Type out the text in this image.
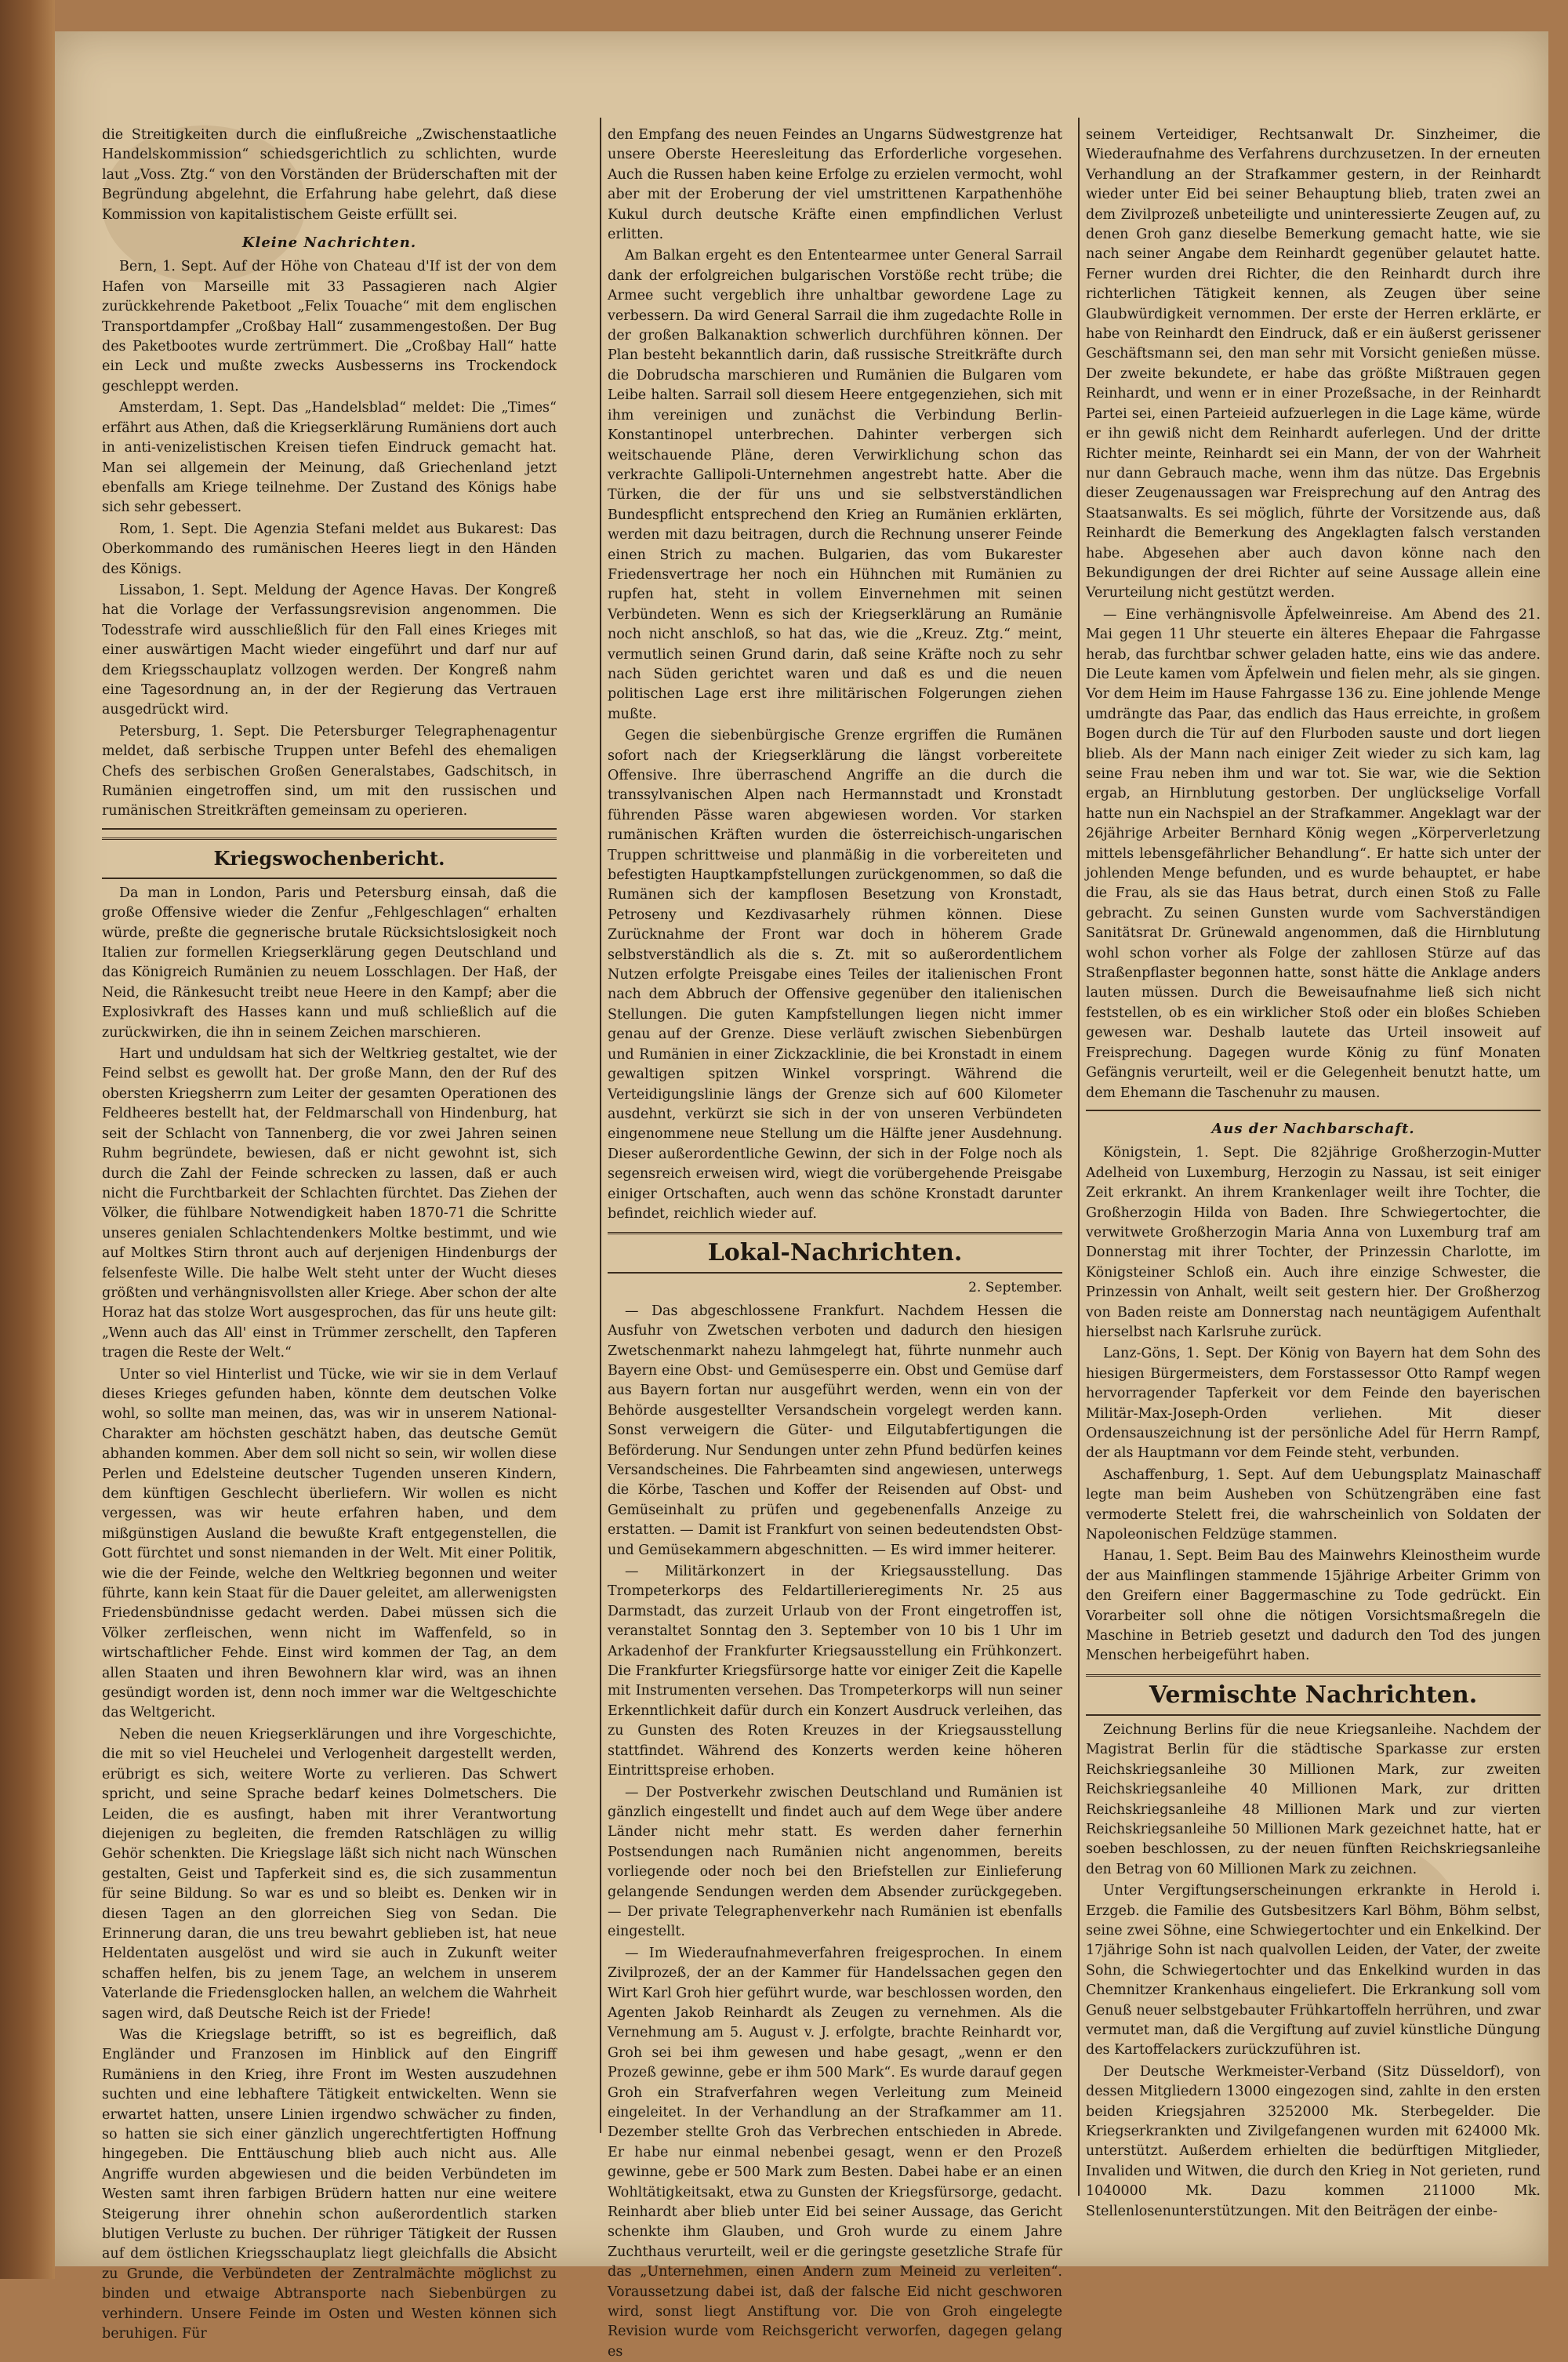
die Streitigkeiten durch die einflußreiche „Zwischenstaatliche Handelskommission“ schiedsgerichtlich zu schlichten, wurde laut „Voss. Ztg.“ von den Vorständen der Brüderschaften mit der Begründung abgelehnt, die Erfahrung habe gelehrt, daß diese Kommission von kapitalistischem Geiste erfüllt sei.

Kleine Nachrichten.

Bern, 1. Sept. Auf der Höhe von Chateau d'If ist der von dem Hafen von Marseille mit 33 Passagieren nach Algier zurückkehrende Paketboot „Felix Touache“ mit dem englischen Transportdampfer „Croßbay Hall“ zusammengestoßen. Der Bug des Paketbootes wurde zertrümmert. Die „Croßbay Hall“ hatte ein Leck und mußte zwecks Ausbesserns ins Trockendock geschleppt werden.

Amsterdam, 1. Sept. Das „Handelsblad“ meldet: Die „Times“ erfährt aus Athen, daß die Kriegserklärung Rumäniens dort auch in anti-venizelistischen Kreisen tiefen Eindruck gemacht hat. Man sei allgemein der Meinung, daß Griechenland jetzt ebenfalls am Kriege teilnehme. Der Zustand des Königs habe sich sehr gebessert.

Rom, 1. Sept. Die Agenzia Stefani meldet aus Bukarest: Das Oberkommando des rumänischen Heeres liegt in den Händen des Königs.

Lissabon, 1. Sept. Meldung der Agence Havas. Der Kongreß hat die Vorlage der Verfassungsrevision angenommen. Die Todesstrafe wird ausschließlich für den Fall eines Krieges mit einer auswärtigen Macht wieder eingeführt und darf nur auf dem Kriegsschauplatz vollzogen werden. Der Kongreß nahm eine Tagesordnung an, in der der Regierung das Vertrauen ausgedrückt wird.

Petersburg, 1. Sept. Die Petersburger Telegraphenagentur meldet, daß serbische Truppen unter Befehl des ehemaligen Chefs des serbischen Großen Generalstabes, Gadschitsch, in Rumänien eingetroffen sind, um mit den russischen und rumänischen Streitkräften gemeinsam zu operieren.

Kriegswochenbericht.

Da man in London, Paris und Petersburg einsah, daß die große Offensive wieder die Zenfur „Fehlgeschlagen“ erhalten würde, preßte die gegnerische brutale Rücksichtslosigkeit noch Italien zur formellen Kriegserklärung gegen Deutschland und das Königreich Rumänien zu neuem Losschlagen. Der Haß, der Neid, die Ränkesucht treibt neue Heere in den Kampf; aber die Explosivkraft des Hasses kann und muß schließlich auf die zurückwirken, die ihn in seinem Zeichen marschieren.

Hart und unduldsam hat sich der Weltkrieg gestaltet, wie der Feind selbst es gewollt hat. Der große Mann, den der Ruf des obersten Kriegsherrn zum Leiter der gesamten Operationen des Feldheeres bestellt hat, der Feldmarschall von Hindenburg, hat seit der Schlacht von Tannenberg, die vor zwei Jahren seinen Ruhm begründete, bewiesen, daß er nicht gewohnt ist, sich durch die Zahl der Feinde schrecken zu lassen, daß er auch nicht die Furchtbarkeit der Schlachten fürchtet. Das Ziehen der Völker, die fühlbare Notwendigkeit haben 1870-71 die Schritte unseres genialen Schlachtendenkers Moltke bestimmt, und wie auf Moltkes Stirn thront auch auf derjenigen Hindenburgs der felsenfeste Wille. Die halbe Welt steht unter der Wucht dieses größten und verhängnisvollsten aller Kriege. Aber schon der alte Horaz hat das stolze Wort ausgesprochen, das für uns heute gilt: „Wenn auch das All' einst in Trümmer zerschellt, den Tapferen tragen die Reste der Welt.“

Unter so viel Hinterlist und Tücke, wie wir sie in dem Verlauf dieses Krieges gefunden haben, könnte dem deutschen Volke wohl, so sollte man meinen, das, was wir in unserem National-Charakter am höchsten geschätzt haben, das deutsche Gemüt abhanden kommen. Aber dem soll nicht so sein, wir wollen diese Perlen und Edelsteine deutscher Tugenden unseren Kindern, dem künftigen Geschlecht überliefern. Wir wollen es nicht vergessen, was wir heute erfahren haben, und dem mißgünstigen Ausland die bewußte Kraft entgegenstellen, die Gott fürchtet und sonst niemanden in der Welt. Mit einer Politik, wie die der Feinde, welche den Weltkrieg begonnen und weiter führte, kann kein Staat für die Dauer geleitet, am allerwenigsten Friedensbündnisse gedacht werden. Dabei müssen sich die Völker zerfleischen, wenn nicht im Waffenfeld, so in wirtschaftlicher Fehde. Einst wird kommen der Tag, an dem allen Staaten und ihren Bewohnern klar wird, was an ihnen gesündigt worden ist, denn noch immer war die Weltgeschichte das Weltgericht.

Neben die neuen Kriegserklärungen und ihre Vorgeschichte, die mit so viel Heuchelei und Verlogenheit dargestellt werden, erübrigt es sich, weitere Worte zu verlieren. Das Schwert spricht, und seine Sprache bedarf keines Dolmetschers. Die Leiden, die es ausfingt, haben mit ihrer Verantwortung diejenigen zu begleiten, die fremden Ratschlägen zu willig Gehör schenkten. Die Kriegslage läßt sich nicht nach Wünschen gestalten, Geist und Tapferkeit sind es, die sich zusammentun für seine Bildung. So war es und so bleibt es. Denken wir in diesen Tagen an den glorreichen Sieg von Sedan. Die Erinnerung daran, die uns treu bewahrt geblieben ist, hat neue Heldentaten ausgelöst und wird sie auch in Zukunft weiter schaffen helfen, bis zu jenem Tage, an welchem in unserem Vaterlande die Friedensglocken hallen, an welchem die Wahrheit sagen wird, daß Deutsche Reich ist der Friede!

Was die Kriegslage betrifft, so ist es begreiflich, daß Engländer und Franzosen im Hinblick auf den Eingriff Rumäniens in den Krieg, ihre Front im Westen auszudehnen suchten und eine lebhaftere Tätigkeit entwickelten. Wenn sie erwartet hatten, unsere Linien irgendwo schwächer zu finden, so hatten sie sich einer gänzlich ungerechtfertigten Hoffnung hingegeben. Die Enttäuschung blieb auch nicht aus. Alle Angriffe wurden abgewiesen und die beiden Verbündeten im Westen samt ihren farbigen Brüdern hatten nur eine weitere Steigerung ihrer ohnehin schon außerordentlich starken blutigen Verluste zu buchen. Der rühriger Tätigkeit der Russen auf dem östlichen Kriegsschauplatz liegt gleichfalls die Absicht zu Grunde, die Verbündeten der Zentralmächte möglichst zu binden und etwaige Abtransporte nach Siebenbürgen zu verhindern. Unsere Feinde im Osten und Westen können sich beruhigen. Für

den Empfang des neuen Feindes an Ungarns Südwestgrenze hat unsere Oberste Heeresleitung das Erforderliche vorgesehen. Auch die Russen haben keine Erfolge zu erzielen vermocht, wohl aber mit der Eroberung der viel umstrittenen Karpathenhöhe Kukul durch deutsche Kräfte einen empfindlichen Verlust erlitten.

Am Balkan ergeht es den Ententearmee unter General Sarrail dank der erfolgreichen bulgarischen Vorstöße recht trübe; die Armee sucht vergeblich ihre unhaltbar gewordene Lage zu verbessern. Da wird General Sarrail die ihm zugedachte Rolle in der großen Balkanaktion schwerlich durchführen können. Der Plan besteht bekanntlich darin, daß russische Streitkräfte durch die Dobrudscha marschieren und Rumänien die Bulgaren vom Leibe halten. Sarrail soll diesem Heere entgegenziehen, sich mit ihm vereinigen und zunächst die Verbindung Berlin-Konstantinopel unterbrechen. Dahinter verbergen sich weitschauende Pläne, deren Verwirklichung schon das verkrachte Gallipoli-Unternehmen angestrebt hatte. Aber die Türken, die der für uns und sie selbstverständlichen Bundespflicht entsprechend den Krieg an Rumänien erklärten, werden mit dazu beitragen, durch die Rechnung unserer Feinde einen Strich zu machen. Bulgarien, das vom Bukarester Friedensvertrage her noch ein Hühnchen mit Rumänien zu rupfen hat, steht in vollem Einvernehmen mit seinen Verbündeten. Wenn es sich der Kriegserklärung an Rumänie noch nicht anschloß, so hat das, wie die „Kreuz. Ztg.“ meint, vermutlich seinen Grund darin, daß seine Kräfte noch zu sehr nach Süden gerichtet waren und daß es und die neuen politischen Lage erst ihre militärischen Folgerungen ziehen mußte.

Gegen die siebenbürgische Grenze ergriffen die Rumänen sofort nach der Kriegserklärung die längst vorbereitete Offensive. Ihre überraschend Angriffe an die durch die transsylvanischen Alpen nach Hermannstadt und Kronstadt führenden Pässe waren abgewiesen worden. Vor starken rumänischen Kräften wurden die österreichisch-ungarischen Truppen schrittweise und planmäßig in die vorbereiteten und befestigten Hauptkampfstellungen zurückgenommen, so daß die Rumänen sich der kampflosen Besetzung von Kronstadt, Petroseny und Kezdivasarhely rühmen können. Diese Zurücknahme der Front war doch in höherem Grade selbstverständlich als die s. Zt. mit so außerordentlichem Nutzen erfolgte Preisgabe eines Teiles der italienischen Front nach dem Abbruch der Offensive gegenüber den italienischen Stellungen. Die guten Kampfstellungen liegen nicht immer genau auf der Grenze. Diese verläuft zwischen Siebenbürgen und Rumänien in einer Zickzacklinie, die bei Kronstadt in einem gewaltigen spitzen Winkel vorspringt. Während die Verteidigungslinie längs der Grenze sich auf 600 Kilometer ausdehnt, verkürzt sie sich in der von unseren Verbündeten eingenommene neue Stellung um die Hälfte jener Ausdehnung. Dieser außerordentliche Gewinn, der sich in der Folge noch als segensreich erweisen wird, wiegt die vorübergehende Preisgabe einiger Ortschaften, auch wenn das schöne Kronstadt darunter befindet, reichlich wieder auf.

Lokal-Nachrichten.
2. September.

— Das abgeschlossene Frankfurt. Nachdem Hessen die Ausfuhr von Zwetschen verboten und dadurch den hiesigen Zwetschenmarkt nahezu lahmgelegt hat, führte nunmehr auch Bayern eine Obst- und Gemüsesperre ein. Obst und Gemüse darf aus Bayern fortan nur ausgeführt werden, wenn ein von der Behörde ausgestellter Versandschein vorgelegt werden kann. Sonst verweigern die Güter- und Eilgutabfertigungen die Beförderung. Nur Sendungen unter zehn Pfund bedürfen keines Versandscheines. Die Fahrbeamten sind angewiesen, unterwegs die Körbe, Taschen und Koffer der Reisenden auf Obst- und Gemüseinhalt zu prüfen und gegebenenfalls Anzeige zu erstatten. — Damit ist Frankfurt von seinen bedeutendsten Obst- und Gemüsekammern abgeschnitten. — Es wird immer heiterer.

— Militärkonzert in der Kriegsausstellung. Das Trompeterkorps des Feldartillerieregiments Nr. 25 aus Darmstadt, das zurzeit Urlaub von der Front eingetroffen ist, veranstaltet Sonntag den 3. September von 10 bis 1 Uhr im Arkadenhof der Frankfurter Kriegsausstellung ein Frühkonzert. Die Frankfurter Kriegsfürsorge hatte vor einiger Zeit die Kapelle mit Instrumenten versehen. Das Trompeterkorps will nun seiner Erkenntlichkeit dafür durch ein Konzert Ausdruck verleihen, das zu Gunsten des Roten Kreuzes in der Kriegsausstellung stattfindet. Während des Konzerts werden keine höheren Eintrittspreise erhoben.

— Der Postverkehr zwischen Deutschland und Rumänien ist gänzlich eingestellt und findet auch auf dem Wege über andere Länder nicht mehr statt. Es werden daher fernerhin Postsendungen nach Rumänien nicht angenommen, bereits vorliegende oder noch bei den Briefstellen zur Einlieferung gelangende Sendungen werden dem Absender zurückgegeben. — Der private Telegraphenverkehr nach Rumänien ist ebenfalls eingestellt.

— Im Wiederaufnahmeverfahren freigesprochen. In einem Zivilprozeß, der an der Kammer für Handelssachen gegen den Wirt Karl Groh hier geführt wurde, war beschlossen worden, den Agenten Jakob Reinhardt als Zeugen zu vernehmen. Als die Vernehmung am 5. August v. J. erfolgte, brachte Reinhardt vor, Groh sei bei ihm gewesen und habe gesagt, „wenn er den Prozeß gewinne, gebe er ihm 500 Mark“. Es wurde darauf gegen Groh ein Strafverfahren wegen Verleitung zum Meineid eingeleitet. In der Verhandlung an der Strafkammer am 11. Dezember stellte Groh das Verbrechen entschieden in Abrede. Er habe nur einmal nebenbei gesagt, wenn er den Prozeß gewinne, gebe er 500 Mark zum Besten. Dabei habe er an einen Wohltätigkeitsakt, etwa zu Gunsten der Kriegsfürsorge, gedacht. Reinhardt aber blieb unter Eid bei seiner Aussage, das Gericht schenkte ihm Glauben, und Groh wurde zu einem Jahre Zuchthaus verurteilt, weil er die geringste gesetzliche Strafe für das „Unternehmen, einen Andern zum Meineid zu verleiten“. Voraussetzung dabei ist, daß der falsche Eid nicht geschworen wird, sonst liegt Anstiftung vor. Die von Groh eingelegte Revision wurde vom Reichsgericht verworfen, dagegen gelang es

seinem Verteidiger, Rechtsanwalt Dr. Sinzheimer, die Wiederaufnahme des Verfahrens durchzusetzen. In der erneuten Verhandlung an der Strafkammer gestern, in der Reinhardt wieder unter Eid bei seiner Behauptung blieb, traten zwei an dem Zivilprozeß unbeteiligte und uninteressierte Zeugen auf, zu denen Groh ganz dieselbe Bemerkung gemacht hatte, wie sie nach seiner Angabe dem Reinhardt gegenüber gelautet hatte. Ferner wurden drei Richter, die den Reinhardt durch ihre richterlichen Tätigkeit kennen, als Zeugen über seine Glaubwürdigkeit vernommen. Der erste der Herren erklärte, er habe von Reinhardt den Eindruck, daß er ein äußerst gerissener Geschäftsmann sei, den man sehr mit Vorsicht genießen müsse. Der zweite bekundete, er habe das größte Mißtrauen gegen Reinhardt, und wenn er in einer Prozeßsache, in der Reinhardt Partei sei, einen Parteieid aufzuerlegen in die Lage käme, würde er ihn gewiß nicht dem Reinhardt auferlegen. Und der dritte Richter meinte, Reinhardt sei ein Mann, der von der Wahrheit nur dann Gebrauch mache, wenn ihm das nütze. Das Ergebnis dieser Zeugenaussagen war Freisprechung auf den Antrag des Staatsanwalts. Es sei möglich, führte der Vorsitzende aus, daß Reinhardt die Bemerkung des Angeklagten falsch verstanden habe. Abgesehen aber auch davon könne nach den Bekundigungen der drei Richter auf seine Aussage allein eine Verurteilung nicht gestützt werden.

— Eine verhängnisvolle Äpfelweinreise. Am Abend des 21. Mai gegen 11 Uhr steuerte ein älteres Ehepaar die Fahrgasse herab, das furchtbar schwer geladen hatte, eins wie das andere. Die Leute kamen vom Äpfelwein und fielen mehr, als sie gingen. Vor dem Heim im Hause Fahrgasse 136 zu. Eine johlende Menge umdrängte das Paar, das endlich das Haus erreichte, in großem Bogen durch die Tür auf den Flurboden sauste und dort liegen blieb. Als der Mann nach einiger Zeit wieder zu sich kam, lag seine Frau neben ihm und war tot. Sie war, wie die Sektion ergab, an Hirnblutung gestorben. Der unglückselige Vorfall hatte nun ein Nachspiel an der Strafkammer. Angeklagt war der 26jährige Arbeiter Bernhard König wegen „Körperverletzung mittels lebensgefährlicher Behandlung“. Er hatte sich unter der johlenden Menge befunden, und es wurde behauptet, er habe die Frau, als sie das Haus betrat, durch einen Stoß zu Falle gebracht. Zu seinen Gunsten wurde vom Sachverständigen Sanitätsrat Dr. Grünewald angenommen, daß die Hirnblutung wohl schon vorher als Folge der zahllosen Stürze auf das Straßenpflaster begonnen hatte, sonst hätte die Anklage anders lauten müssen. Durch die Beweisaufnahme ließ sich nicht feststellen, ob es ein wirklicher Stoß oder ein bloßes Schieben gewesen war. Deshalb lautete das Urteil insoweit auf Freisprechung. Dagegen wurde König zu fünf Monaten Gefängnis verurteilt, weil er die Gelegenheit benutzt hatte, um dem Ehemann die Taschenuhr zu mausen.

Aus der Nachbarschaft.

Königstein, 1. Sept. Die 82jährige Großherzogin-Mutter Adelheid von Luxemburg, Herzogin zu Nassau, ist seit einiger Zeit erkrankt. An ihrem Krankenlager weilt ihre Tochter, die Großherzogin Hilda von Baden. Ihre Schwiegertochter, die verwitwete Großherzogin Maria Anna von Luxemburg traf am Donnerstag mit ihrer Tochter, der Prinzessin Charlotte, im Königsteiner Schloß ein. Auch ihre einzige Schwester, die Prinzessin von Anhalt, weilt seit gestern hier. Der Großherzog von Baden reiste am Donnerstag nach neuntägigem Aufenthalt hierselbst nach Karlsruhe zurück.

Lanz-Göns, 1. Sept. Der König von Bayern hat dem Sohn des hiesigen Bürgermeisters, dem Forstassessor Otto Rampf wegen hervorragender Tapferkeit vor dem Feinde den bayerischen Militär-Max-Joseph-Orden verliehen. Mit dieser Ordensauszeichnung ist der persönliche Adel für Herrn Rampf, der als Hauptmann vor dem Feinde steht, verbunden.

Aschaffenburg, 1. Sept. Auf dem Uebungsplatz Mainaschaff legte man beim Ausheben von Schützengräben eine fast vermoderte Stelett frei, die wahrscheinlich von Soldaten der Napoleonischen Feldzüge stammen.

Hanau, 1. Sept. Beim Bau des Mainwehrs Kleinostheim wurde der aus Mainflingen stammende 15jährige Arbeiter Grimm von den Greifern einer Baggermaschine zu Tode gedrückt. Ein Vorarbeiter soll ohne die nötigen Vorsichtsmaßregeln die Maschine in Betrieb gesetzt und dadurch den Tod des jungen Menschen herbeigeführt haben.

Vermischte Nachrichten.

Zeichnung Berlins für die neue Kriegsanleihe. Nachdem der Magistrat Berlin für die städtische Sparkasse zur ersten Reichskriegsanleihe 30 Millionen Mark, zur zweiten Reichskriegsanleihe 40 Millionen Mark, zur dritten Reichskriegsanleihe 48 Millionen Mark und zur vierten Reichskriegsanleihe 50 Millionen Mark gezeichnet hatte, hat er soeben beschlossen, zu der neuen fünften Reichskriegsanleihe den Betrag von 60 Millionen Mark zu zeichnen.

Unter Vergiftungserscheinungen erkrankte in Herold i. Erzgeb. die Familie des Gutsbesitzers Karl Böhm, Böhm selbst, seine zwei Söhne, eine Schwiegertochter und ein Enkelkind. Der 17jährige Sohn ist nach qualvollen Leiden, der Vater, der zweite Sohn, die Schwiegertochter und das Enkelkind wurden in das Chemnitzer Krankenhaus eingeliefert. Die Erkrankung soll vom Genuß neuer selbstgebauter Frühkartoffeln herrühren, und zwar vermutet man, daß die Vergiftung auf zuviel künstliche Düngung des Kartoffelackers zurückzuführen ist.

Der Deutsche Werkmeister-Verband (Sitz Düsseldorf), von dessen Mitgliedern 13000 eingezogen sind, zahlte in den ersten beiden Kriegsjahren 3252000 Mk. Sterbegelder. Die Kriegserkrankten und Zivilgefangenen wurden mit 624000 Mk. unterstützt. Außerdem erhielten die bedürftigen Mitglieder, Invaliden und Witwen, die durch den Krieg in Not gerieten, rund 1040000 Mk. Dazu kommen 211000 Mk. Stellenlosenunterstützungen. Mit den Beiträgen der einbe-
